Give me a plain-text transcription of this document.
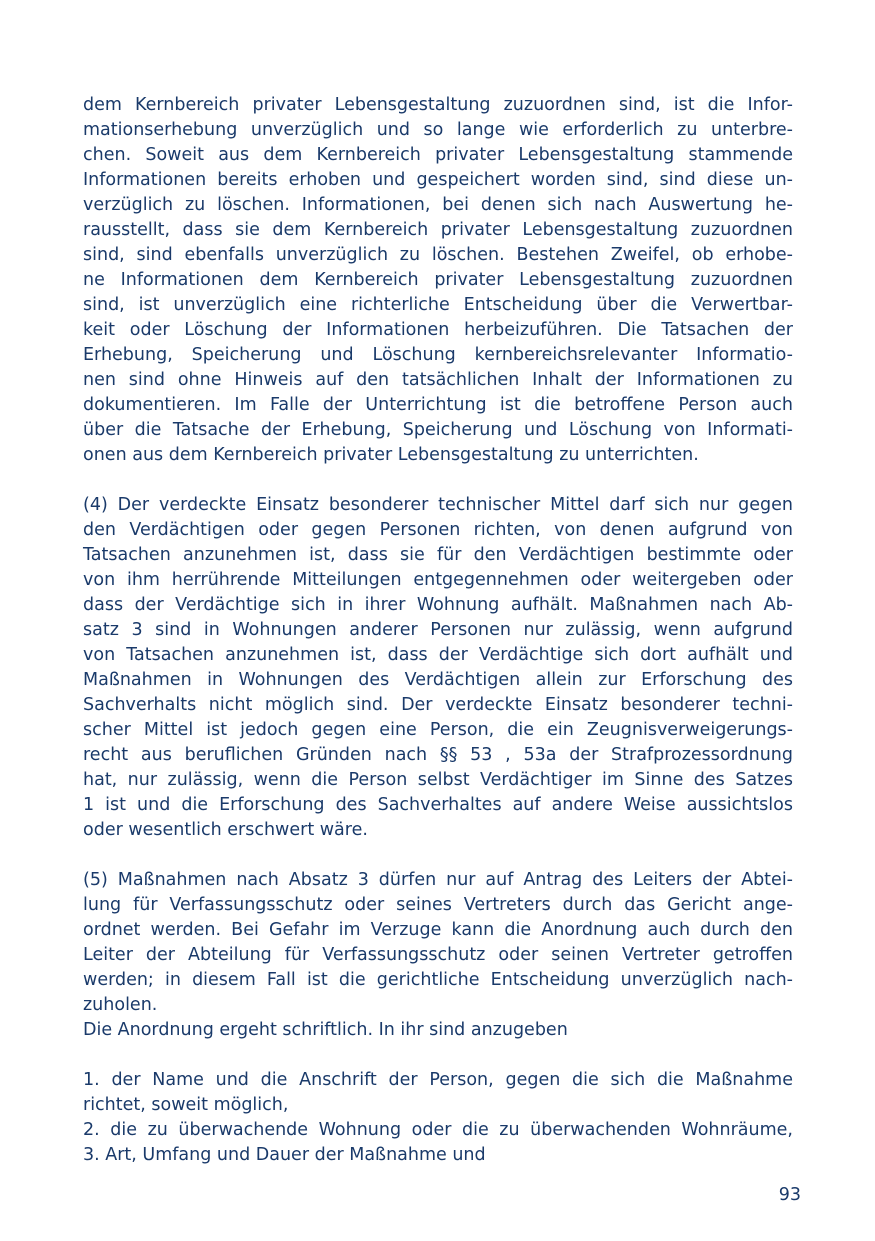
dem Kernbereich privater Lebensgestaltung zuzuordnen sind, ist die Infor-
mationserhebung unverzüglich und so lange wie erforderlich zu unterbre-
chen. Soweit aus dem Kernbereich privater Lebensgestaltung stammende
Informationen bereits erhoben und gespeichert worden sind, sind diese un-
verzüglich zu löschen. Informationen, bei denen sich nach Auswertung he-
rausstellt, dass sie dem Kernbereich privater Lebensgestaltung zuzuordnen
sind, sind ebenfalls unverzüglich zu löschen. Bestehen Zweifel, ob erhobe-
ne Informationen dem Kernbereich privater Lebensgestaltung zuzuordnen
sind, ist unverzüglich eine richterliche Entscheidung über die Verwertbar-
keit oder Löschung der Informationen herbeizuführen. Die Tatsachen der
Erhebung, Speicherung und Löschung kernbereichsrelevanter Informatio-
nen sind ohne Hinweis auf den tatsächlichen Inhalt der Informationen zu
dokumentieren. Im Falle der Unterrichtung ist die betroffene Person auch
über die Tatsache der Erhebung, Speicherung und Löschung von Informati-
onen aus dem Kernbereich privater Lebensgestaltung zu unterrichten.
(4) Der verdeckte Einsatz besonderer technischer Mittel darf sich nur gegen
den Verdächtigen oder gegen Personen richten, von denen aufgrund von
Tatsachen anzunehmen ist, dass sie für den Verdächtigen bestimmte oder
von ihm herrührende Mitteilungen entgegennehmen oder weitergeben oder
dass der Verdächtige sich in ihrer Wohnung aufhält. Maßnahmen nach Ab-
satz 3 sind in Wohnungen anderer Personen nur zulässig, wenn aufgrund
von Tatsachen anzunehmen ist, dass der Verdächtige sich dort aufhält und
Maßnahmen in Wohnungen des Verdächtigen allein zur Erforschung des
Sachverhalts nicht möglich sind. Der verdeckte Einsatz besonderer techni-
scher Mittel ist jedoch gegen eine Person, die ein Zeugnisverweigerungs-
recht aus beruflichen Gründen nach §§ 53 , 53a der Strafprozessordnung
hat, nur zulässig, wenn die Person selbst Verdächtiger im Sinne des Satzes
1 ist und die Erforschung des Sachverhaltes auf andere Weise aussichtslos
oder wesentlich erschwert wäre.
(5) Maßnahmen nach Absatz 3 dürfen nur auf Antrag des Leiters der Abtei-
lung für Verfassungsschutz oder seines Vertreters durch das Gericht ange-
ordnet werden. Bei Gefahr im Verzuge kann die Anordnung auch durch den
Leiter der Abteilung für Verfassungsschutz oder seinen Vertreter getroffen
werden; in diesem Fall ist die gerichtliche Entscheidung unverzüglich nach-
zuholen.
Die Anordnung ergeht schriftlich. In ihr sind anzugeben
1. der Name und die Anschrift der Person, gegen die sich die Maßnahme
richtet, soweit möglich,
2. die zu überwachende Wohnung oder die zu überwachenden Wohnräume,
3. Art, Umfang und Dauer der Maßnahme und
93
